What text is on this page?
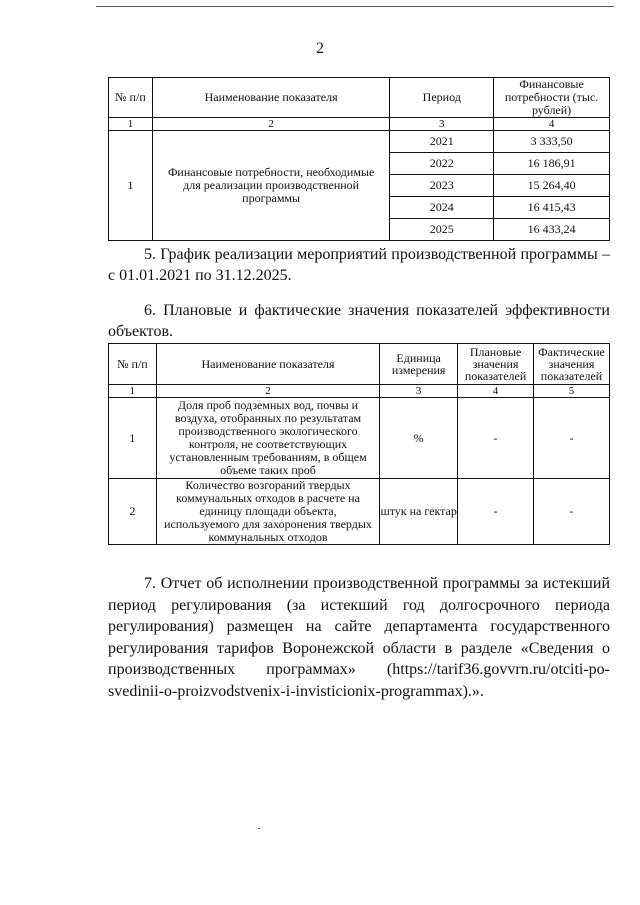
2
№ п/п	Наименование показателя	Период	Финансовые потребности (тыс. рублей)
1	2	3	4
1	Финансовые потребности, необходимые для реализации производственной программы	2021	3 333,50
		2022	16 186,91
		2023	15 264,40
		2024	16 415,43
		2025	16 433,24
5. График реализации мероприятий производственной программы – с 01.01.2021 по 31.12.2025.
6. Плановые и фактические значения показателей эффективности объектов.
№ п/п	Наименование показателя	Единица измерения	Плановые значения показателей	Фактические значения показателей
1	2	3	4	5
1	Доля проб подземных вод, почвы и воздуха, отобранных по результатам производственного экологического контроля, не соответствующих установленным требованиям, в общем объеме таких проб	%	-	-
2	Количество возгораний твердых коммунальных отходов в расчете на единицу площади объекта, используемого для захоронения твердых коммунальных отходов	штук на гектар	-	-
7. Отчет об исполнении производственной программы за истекший период регулирования (за истекший год долгосрочного периода регулирования) размещен на сайте департамента государственного регулирования тарифов Воронежской области в разделе «Сведения о производственных программах» (https://tarif36.govvrn.ru/otciti-po-svedinii-o-proizvodstvenix-i-invisticionix-programmax).».
